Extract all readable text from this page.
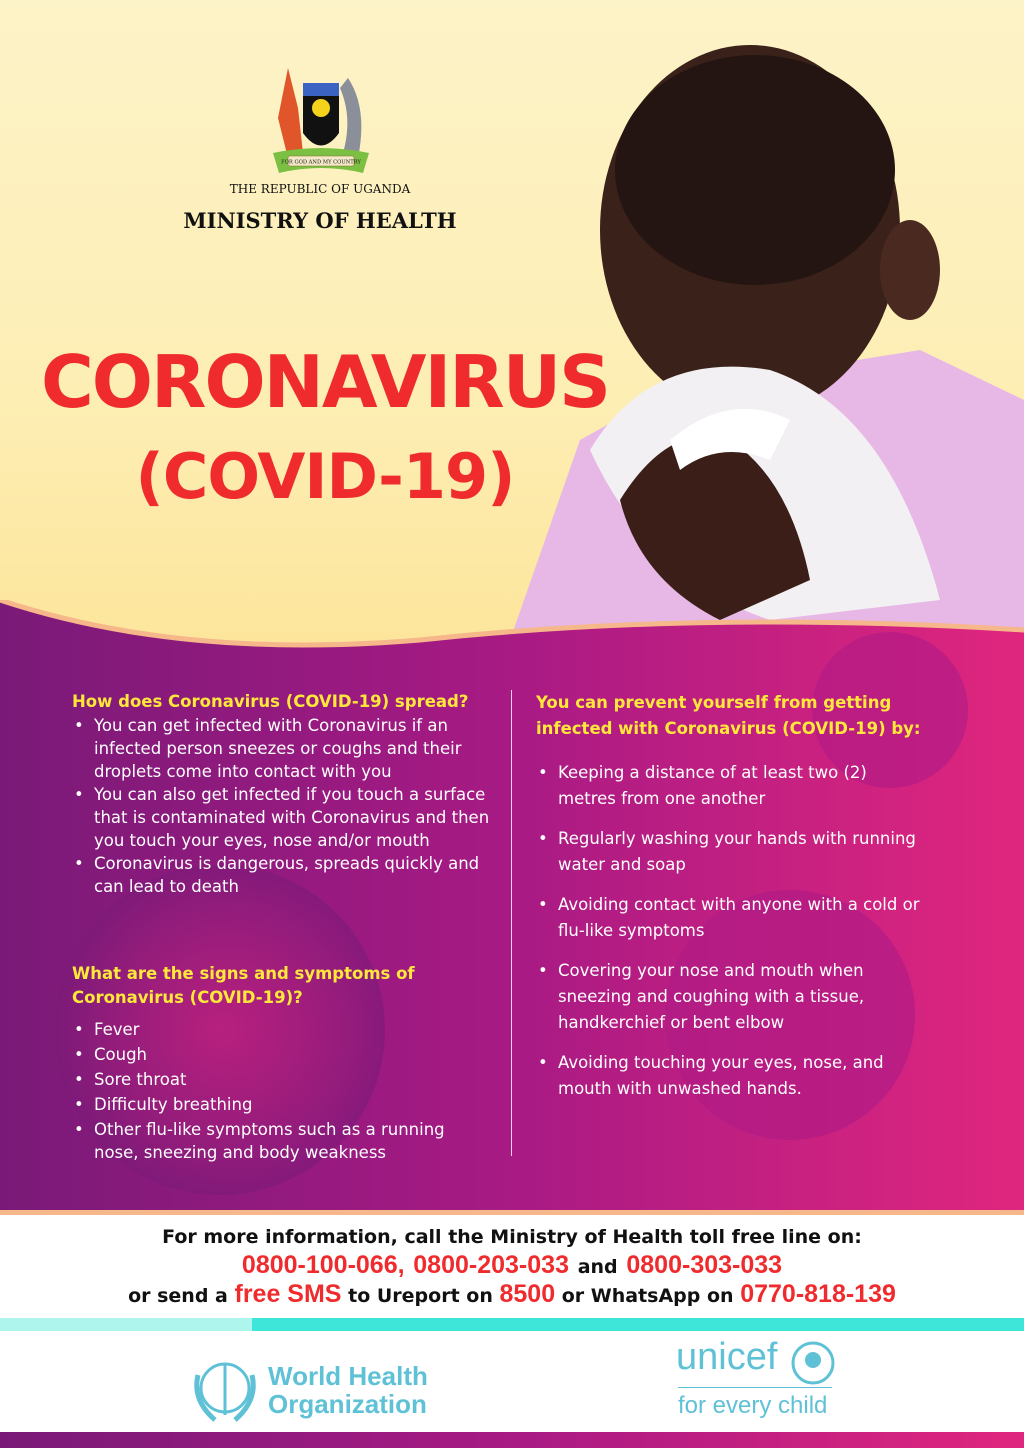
FOR GOD AND MY COUNTRY
THE REPUBLIC OF UGANDA
MINISTRY OF HEALTH
CORONAVIRUS
(COVID-19)
How does Coronavirus (COVID-19) spread?
• You can get infected with Coronavirus if an infected person sneezes or coughs and their droplets come into contact with you
• You can also get infected if you touch a surface that is contaminated with Coronavirus and then you touch your eyes, nose and/or mouth
• Coronavirus is dangerous, spreads quickly and can lead to death
What are the signs and symptoms of Coronavirus (COVID-19)?
• Fever
• Cough
• Sore throat
• Difficulty breathing
• Other flu-like symptoms such as a running nose, sneezing and body weakness
You can prevent yourself from getting infected with Coronavirus (COVID-19) by:
• Keeping a distance of at least two (2) metres from one another
• Regularly washing your hands with running water and soap
• Avoiding contact with anyone with a cold or flu-like symptoms
• Covering your nose and mouth when sneezing and coughing with a tissue, handkerchief or bent elbow
• Avoiding touching your eyes, nose, and mouth with unwashed hands.
For more information, call the Ministry of Health toll free line on:
0800-100-066, 0800-203-033 and 0800-303-033
or send a free SMS to Ureport on 8500 or WhatsApp on 0770-818-139
World Health
Organization
unicef
for every child
